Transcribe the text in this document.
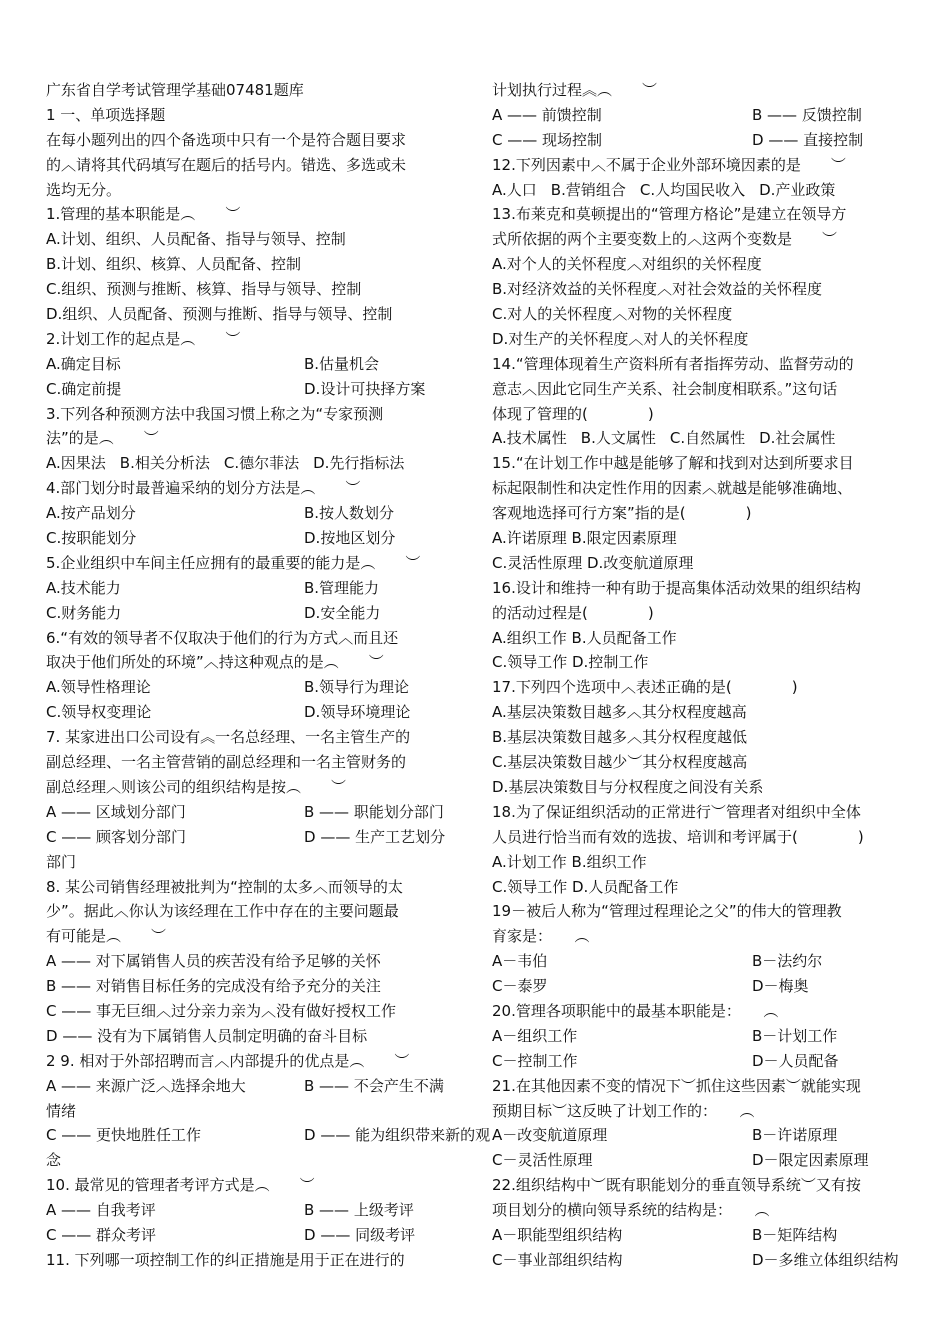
广东省自学考试管理学基础07481题库
1 一、单项选择题
在每小题列出的四个备选项中只有一个是符合题目要求
的︿请将其代码填写在题后的括号内。错选、多选或未
选均无分。
1.管理的基本职能是︵　　︶
A.计划、组织、人员配备、指导与领导、控制
B.计划、组织、核算、人员配备、控制
C.组织、预测与推断、核算、指导与领导、控制
D.组织、人员配备、预测与推断、指导与领导、控制
2.计划工作的起点是︵　　︶
A.确定目标	B.估量机会
C.确定前提	D.设计可抉择方案
3.下列各种预测方法中我国习惯上称之为“专家预测
法”的是︵　　︶
A.因果法 B.相关分析法 C.德尔菲法 D.先行指标法
4.部门划分时最普遍采纳的划分方法是︵　　︶
A.按产品划分	B.按人数划分
C.按职能划分	D.按地区划分
5.企业组织中车间主任应拥有的最重要的能力是︵　　︶
A.技术能力	B.管理能力
C.财务能力	D.安全能力
6.“有效的领导者不仅取决于他们的行为方式︿而且还
取决于他们所处的环境”︿持这种观点的是︵　　︶
A.领导性格理论	B.领导行为理论
C.领导权变理论	D.领导环境理论
7. 某家进出口公司设有︽一名总经理、一名主管生产的
副总经理、一名主管营销的副总经理和一名主管财务的
副总经理︿则该公司的组织结构是按︵　　︶
A —— 区域划分部门	B —— 职能划分部门
C —— 顾客划分部门	D —— 生产工艺划分
部门
8. 某公司销售经理被批判为“控制的太多︿而领导的太
少”。据此︿你认为该经理在工作中存在的主要问题最
有可能是︵　　︶
A —— 对下属销售人员的疾苦没有给予足够的关怀
B —— 对销售目标任务的完成没有给予充分的关注
C —— 事无巨细︿过分亲力亲为︿没有做好授权工作
D —— 没有为下属销售人员制定明确的奋斗目标
2 9. 相对于外部招聘而言︿内部提升的优点是︵　　︶
A —— 来源广泛︿选择余地大	B —— 不会产生不满
情绪
C —— 更快地胜任工作	D —— 能为组织带来新的观
念
10. 最常见的管理者考评方式是︵　　︶
A —— 自我考评	B —— 上级考评
C —— 群众考评	D —— 同级考评
11. 下列哪一项控制工作的纠正措施是用于正在进行的
计划执行过程︽︵　　︶
A —— 前馈控制	B —— 反馈控制
C —— 现场控制	D —— 直接控制
12.下列因素中︿不属于企业外部环境因素的是　　︶
A.人口 B.营销组合 C.人均国民收入 D.产业政策
13.布莱克和莫顿提出的“管理方格论”是建立在领导方
式所依据的两个主要变数上的︿这两个变数是　　︶
A.对个人的关怀程度︿对组织的关怀程度
B.对经济效益的关怀程度︿对社会效益的关怀程度
C.对人的关怀程度︿对物的关怀程度
D.对生产的关怀程度︿对人的关怀程度
14.“管理体现着生产资料所有者指挥劳动、监督劳动的
意志︿因此它同生产关系、社会制度相联系。”这句话
体现了管理的(　　　　)
A.技术属性 B.人文属性 C.自然属性 D.社会属性
15.“在计划工作中越是能够了解和找到对达到所要求目
标起限制性和决定性作用的因素︿就越是能够准确地、
客观地选择可行方案”指的是(　　　　)
A.许诺原理 B.限定因素原理
C.灵活性原理 D.改变航道原理
16.设计和维持一种有助于提高集体活动效果的组织结构
的活动过程是(　　　　)
A.组织工作 B.人员配备工作
C.领导工作 D.控制工作
17.下列四个选项中︿表述正确的是(　　　　)
A.基层决策数目越多︿其分权程度越高
B.基层决策数目越多︿其分权程度越低
C.基层决策数目越少︶其分权程度越高
D.基层决策数目与分权程度之间没有关系
18.为了保证组织活动的正常进行︶管理者对组织中全体
人员进行恰当而有效的选拔、培训和考评属于(　　　　)
A.计划工作 B.组织工作
C.领导工作 D.人员配备工作
19－被后人称为“管理过程理论之父”的伟大的管理教
育家是：　　︵
A－韦伯	B－法约尔
C－泰罗	D－梅奥
20.管理各项职能中的最基本职能是：　　︵
A－组织工作	B－计划工作
C－控制工作	D－人员配备
21.在其他因素不变的情况下︶抓住这些因素︶就能实现
预期目标︶这反映了计划工作的：　　︵
A－改变航道原理	B－许诺原理
C－灵活性原理	D－限定因素原理
22.组织结构中︶既有职能划分的垂直领导系统︶又有按
项目划分的横向领导系统的结构是：　　︵
A－职能型组织结构	B－矩阵结构
C－事业部组织结构	D－多维立体组织结构
